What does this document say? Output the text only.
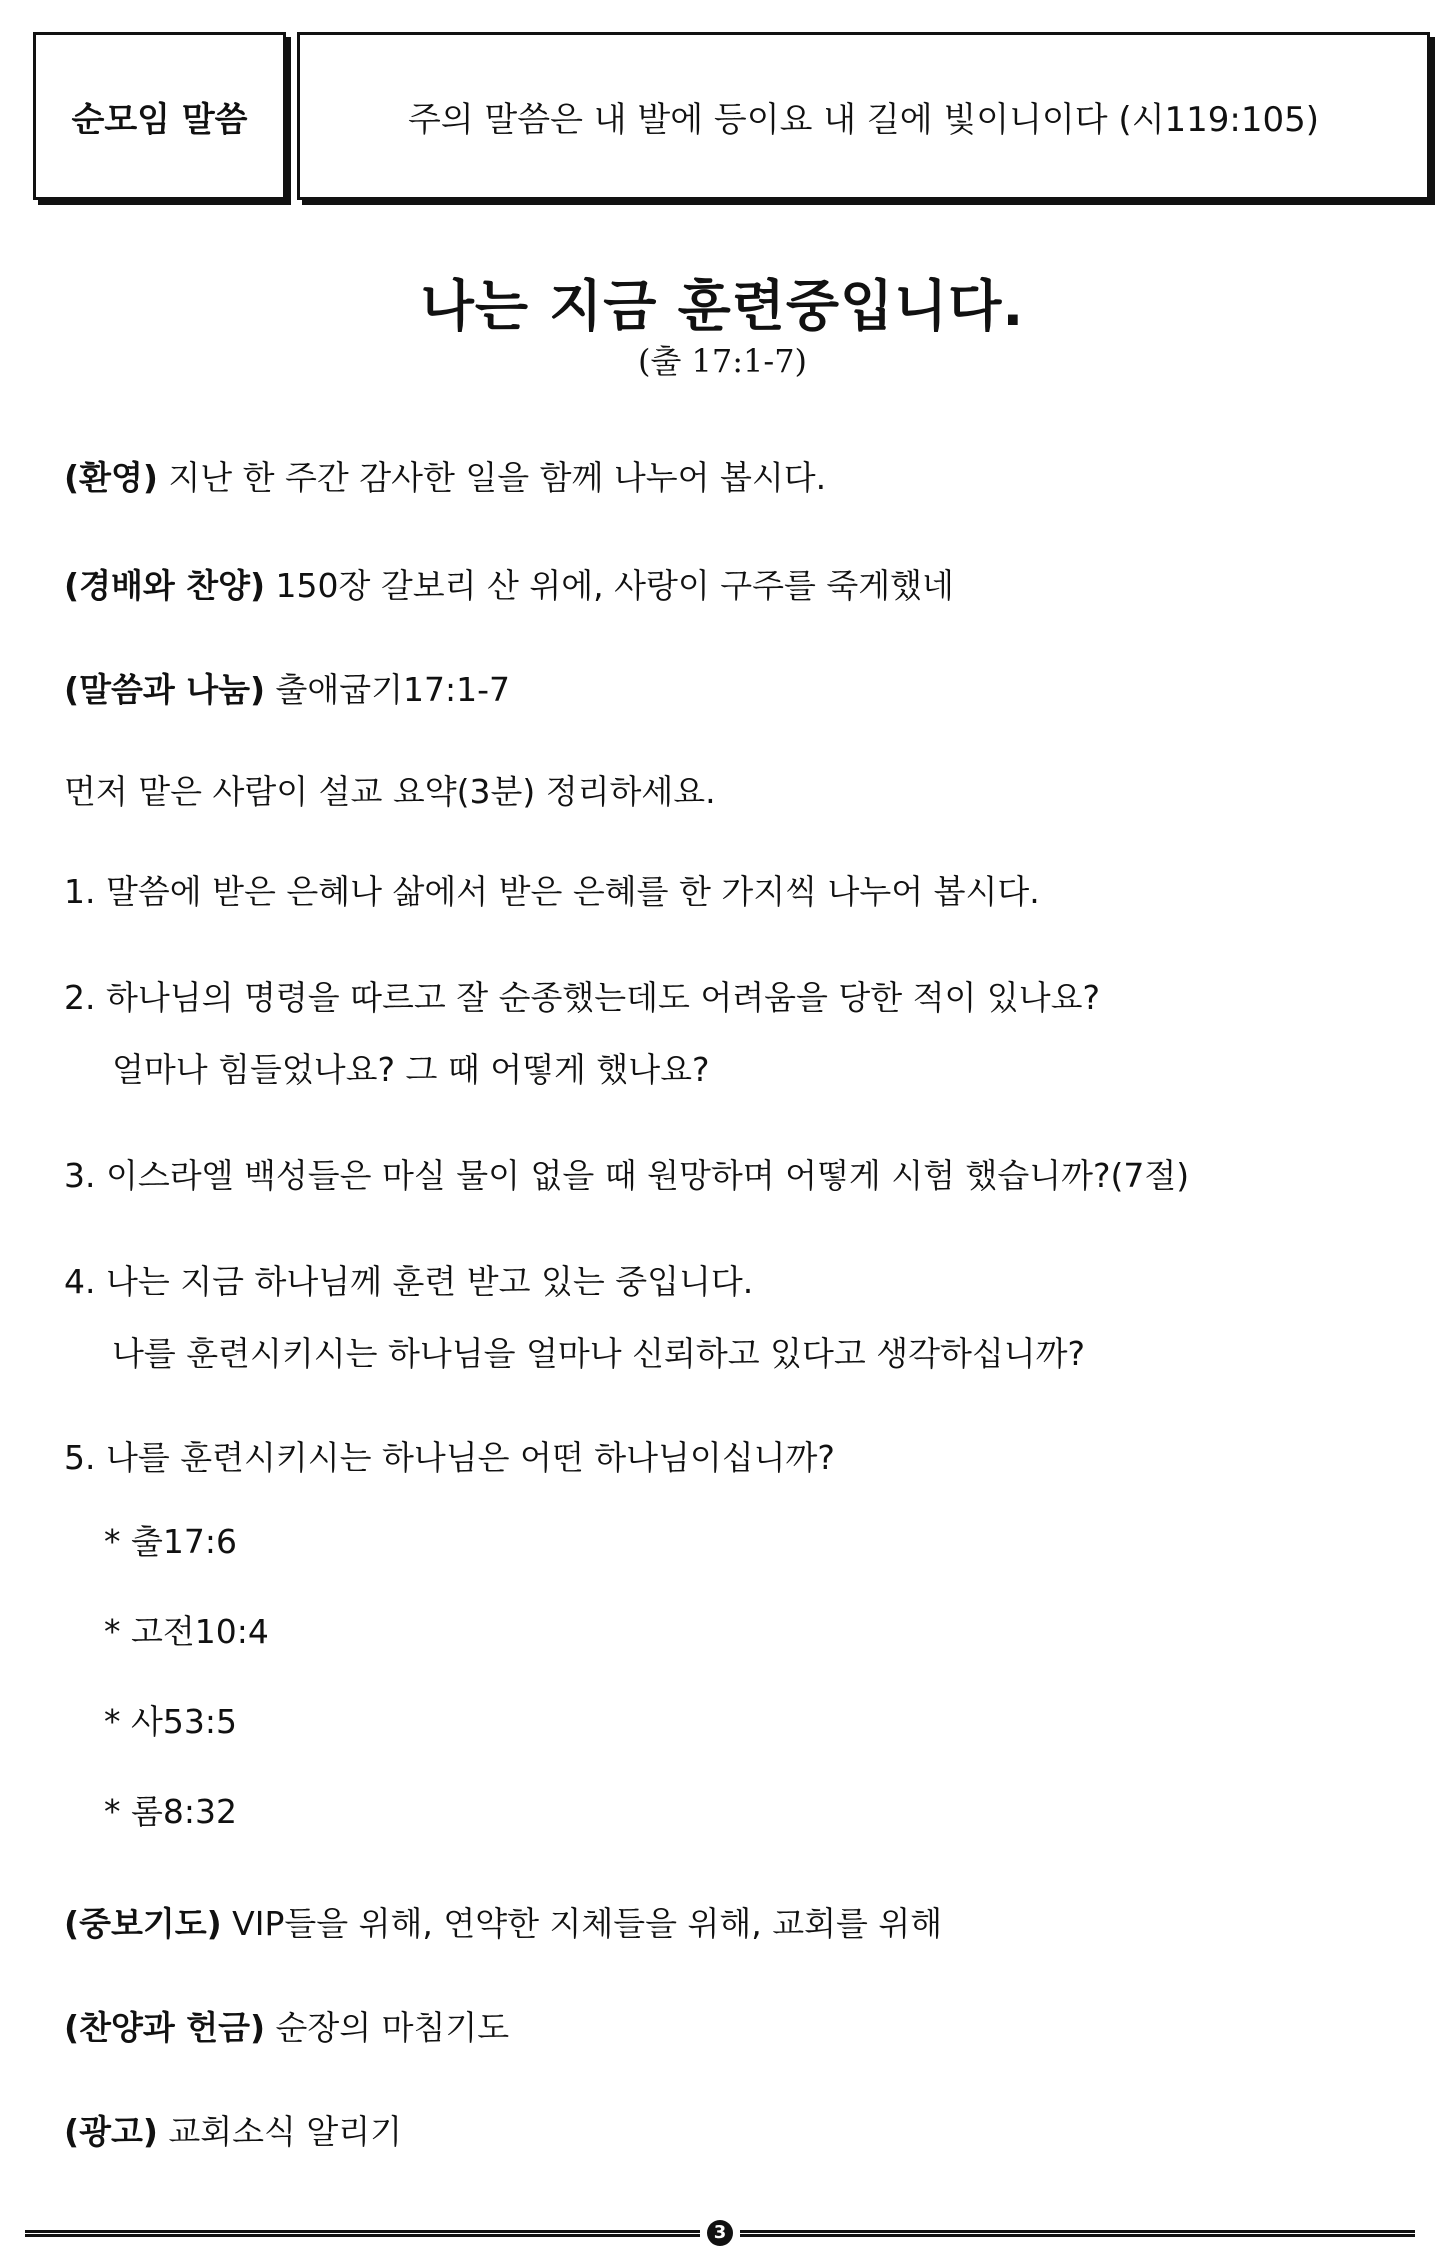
순모임 말씀	주의 말씀은 내 발에 등이요 내 길에 빛이니이다 (시119:105)
나는 지금 훈련중입니다.
(출 17:1-7)
(환영) 지난 한 주간 감사한 일을 함께 나누어 봅시다.
(경배와 찬양) 150장 갈보리 산 위에, 사랑이 구주를 죽게했네
(말씀과 나눔) 출애굽기17:1-7
먼저 맡은 사람이 설교 요약(3분) 정리하세요.
1. 말씀에 받은 은혜나 삶에서 받은 은혜를 한 가지씩 나누어 봅시다.
2. 하나님의 명령을 따르고 잘 순종했는데도 어려움을 당한 적이 있나요?
얼마나 힘들었나요? 그 때 어떻게 했나요?
3. 이스라엘 백성들은 마실 물이 없을 때 원망하며 어떻게 시험 했습니까?(7절)
4. 나는 지금 하나님께 훈련 받고 있는 중입니다.
나를 훈련시키시는 하나님을 얼마나 신뢰하고 있다고 생각하십니까?
5. 나를 훈련시키시는 하나님은 어떤 하나님이십니까?
* 출17:6
* 고전10:4
* 사53:5
* 롬8:32
(중보기도) VIP들을 위해, 연약한 지체들을 위해, 교회를 위해
(찬양과 헌금) 순장의 마침기도
(광고) 교회소식 알리기
3
